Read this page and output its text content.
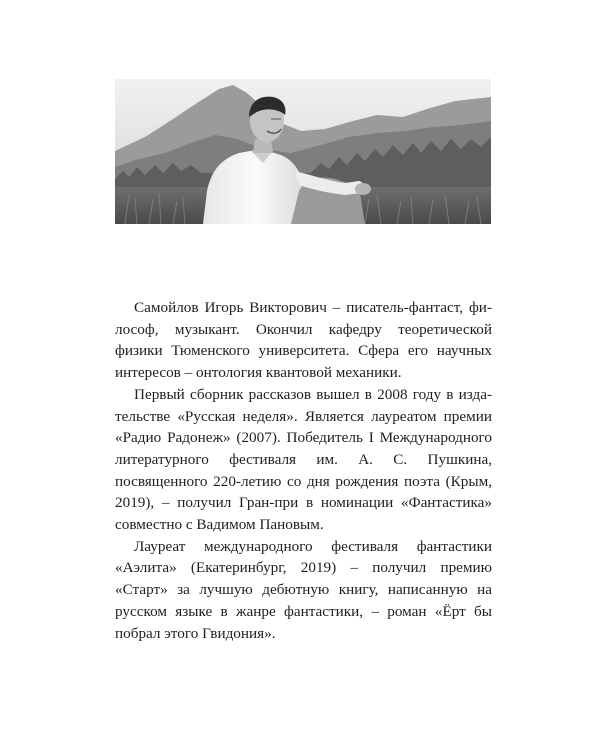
Самойлов Игорь Викторович – писатель-фантаст, философ, музыкант. Окончил кафедру теоретической физики Тюменского университета. Сфера его научных интересов – онтология квантовой механики.

Первый сборник рассказов вышел в 2008 году в издательстве «Русская неделя». Является лауреатом премии «Радио Радонеж» (2007). Победитель I Международного литературного фестиваля им. А. С. Пушкина, посвященного 220-летию со дня рождения поэта (Крым, 2019), – получил Гран-при в номинации «Фантастика» совместно с Вадимом Пановым.

Лауреат международного фестиваля фантастики «Аэлита» (Екатеринбург, 2019) – получил премию «Старт» за лучшую дебютную книгу, написанную на русском языке в жанре фантастики, – роман «Ёрт бы побрал этого Гвидония».
